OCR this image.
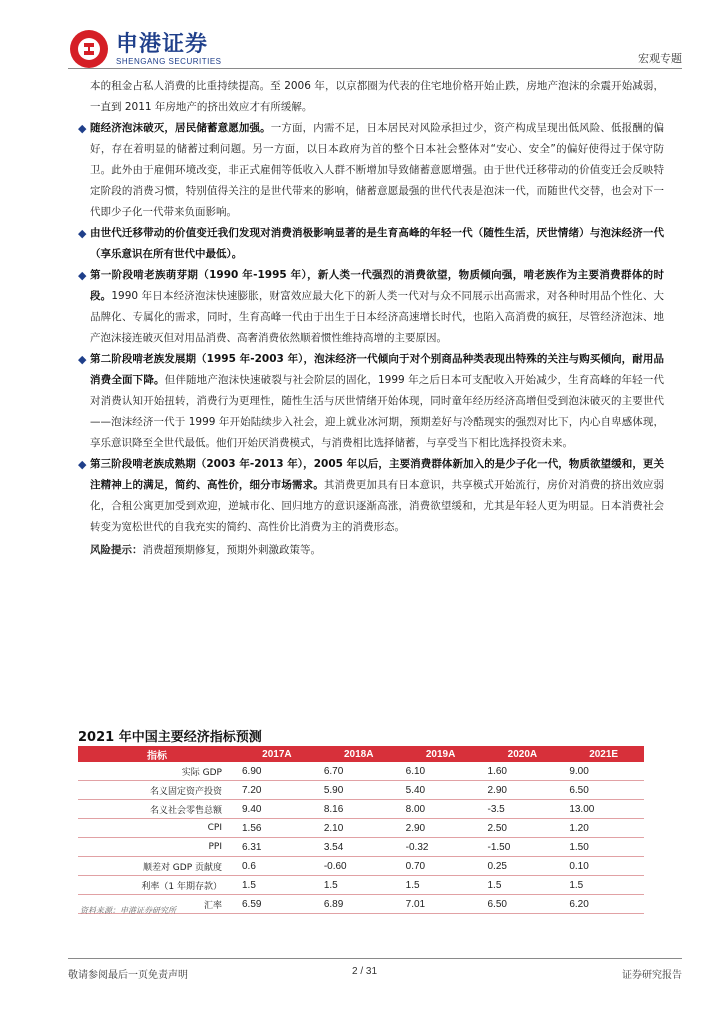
申港证券
SHENGANG SECURITIES	宏观专题

本的租金占私人消费的比重持续提高。至 2006 年，以京都圈为代表的住宅地价格开始止跌，房地产泡沫的余震开始减弱，一直到 2011 年房地产的挤出效应才有所缓解。

◆ 随经济泡沫破灭，居民储蓄意愿加强。一方面，内需不足，日本居民对风险承担过少，资产构成呈现出低风险、低报酬的偏好，存在着明显的储蓄过剩问题。另一方面，以日本政府为首的整个日本社会整体对“安心、安全”的偏好使得过于保守防卫。此外由于雇佣环境改变，非正式雇佣等低收入人群不断增加导致储蓄意愿增强。由于世代迁移带动的价值变迁会反映特定阶段的消费习惯，特别值得关注的是世代带来的影响，储蓄意愿最强的世代代表是泡沫一代，而随世代交替，也会对下一代即少子化一代带来负面影响。

◆ 由世代迁移带动的价值变迁我们发现对消费消极影响显著的是生育高峰的年轻一代（随性生活，厌世情绪）与泡沫经济一代（享乐意识在所有世代中最低）。

◆ 第一阶段啃老族萌芽期（1990 年-1995 年），新人类一代强烈的消费欲望，物质倾向强，啃老族作为主要消费群体的时段。1990 年日本经济泡沫快速膨胀，财富效应最大化下的新人类一代对与众不同展示出高需求，对各种时用品个性化、大品牌化、专属化的需求，同时，生育高峰一代由于出生于日本经济高速增长时代，也陷入高消费的疯狂，尽管经济泡沫、地产泡沫接连破灭但对用品消费、高奢消费依然顺着惯性维持高增的主要原因。

◆ 第二阶段啃老族发展期（1995 年-2003 年），泡沫经济一代倾向于对个别商品种类表现出特殊的关注与购买倾向，耐用品消费全面下降。但伴随地产泡沫快速破裂与社会阶层的固化，1999 年之后日本可支配收入开始减少，生育高峰的年轻一代对消费认知开始扭转，消费行为更理性，随性生活与厌世情绪开始体现，同时童年经历经济高增但受到泡沫破灭的主要世代——泡沫经济一代于 1999 年开始陆续步入社会，迎上就业冰河期，预期差好与冷酷现实的强烈对比下，内心自卑感体现，享乐意识降至全世代最低。他们开始厌消费模式，与消费相比选择储蓄，与享受当下相比选择投资未来。

◆ 第三阶段啃老族成熟期（2003 年-2013 年），2005 年以后，主要消费群体新加入的是少子化一代，物质欲望缓和，更关注精神上的满足，简约、高性价，细分市场需求。其消费更加具有日本意识，共享模式开始流行，房价对消费的挤出效应弱化，合租公寓更加受到欢迎，逆城市化、回归地方的意识逐渐高涨，消费欲望缓和，尤其是年轻人更为明显。日本消费社会转变为宽松世代的自我充实的简约、高性价比消费为主的消费形态。

风险提示：消费超预期修复，预期外刺激政策等。

2021 年中国主要经济指标预测
指标	2017A	2018A	2019A	2020A	2021E
实际 GDP	6.90	6.70	6.10	1.60	9.00
名义固定资产投资	7.20	5.90	5.40	2.90	6.50
名义社会零售总额	9.40	8.16	8.00	-3.5	13.00
CPI	1.56	2.10	2.90	2.50	1.20
PPI	6.31	3.54	-0.32	-1.50	1.50
顺差对 GDP 贡献度	0.6	-0.60	0.70	0.25	0.10
利率（1 年期存款）	1.5	1.5	1.5	1.5	1.5
汇率	6.59	6.89	7.01	6.50	6.20
资料来源：申港证券研究所
敬请参阅最后一页免责声明	2 / 31	证券研究报告
